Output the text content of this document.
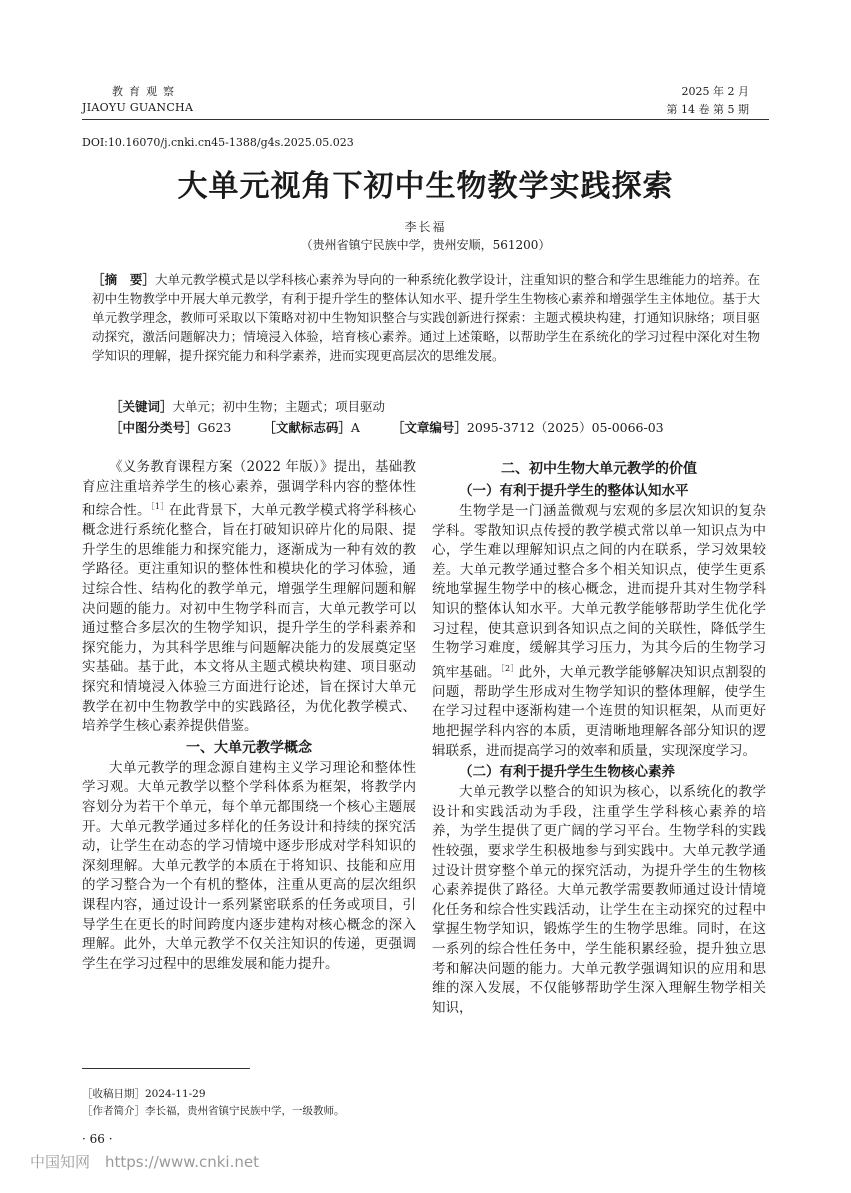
教育观察
JIAOYU GUANCHA
2025 年 2 月
第 14 卷 第 5 期
DOI:10.16070/j.cnki.cn45-1388/g4s.2025.05.023
大单元视角下初中生物教学实践探索
李长福
（贵州省镇宁民族中学，贵州安顺，561200）
［摘　要］大单元教学模式是以学科核心素养为导向的一种系统化教学设计，注重知识的整合和学生思维能力的培养。在初中生物教学中开展大单元教学，有利于提升学生的整体认知水平、提升学生生物核心素养和增强学生主体地位。基于大单元教学理念，教师可采取以下策略对初中生物知识整合与实践创新进行探索：主题式模块构建，打通知识脉络；项目驱动探究，激活问题解决力；情境浸入体验，培育核心素养。通过上述策略，以帮助学生在系统化的学习过程中深化对生物学知识的理解，提升探究能力和科学素养，进而实现更高层次的思维发展。
［关键词］大单元；初中生物；主题式；项目驱动
［中图分类号］G623	［文献标志码］A	［文章编号］2095-3712（2025）05-0066-03

《义务教育课程方案（2022 年版）》提出，基础教育应注重培养学生的核心素养，强调学科内容的整体性和综合性。$^{[1]}$在此背景下，大单元教学模式将学科核心概念进行系统化整合，旨在打破知识碎片化的局限、提升学生的思维能力和探究能力，逐渐成为一种有效的教学路径。更注重知识的整体性和模块化的学习体验，通过综合性、结构化的教学单元，增强学生理解问题和解决问题的能力。对初中生物学科而言，大单元教学可以通过整合多层次的生物学知识，提升学生的学科素养和探究能力，为其科学思维与问题解决能力的发展奠定坚实基础。基于此，本文将从主题式模块构建、项目驱动探究和情境浸入体验三方面进行论述，旨在探讨大单元教学在初中生物教学中的实践路径，为优化教学模式、培养学生核心素养提供借鉴。

一、大单元教学概念

大单元教学的理念源自建构主义学习理论和整体性学习观。大单元教学以整个学科体系为框架，将教学内容划分为若干个单元，每个单元都围绕一个核心主题展开。大单元教学通过多样化的任务设计和持续的探究活动，让学生在动态的学习情境中逐步形成对学科知识的深刻理解。大单元教学的本质在于将知识、技能和应用的学习整合为一个有机的整体，注重从更高的层次组织课程内容，通过设计一系列紧密联系的任务或项目，引导学生在更长的时间跨度内逐步建构对核心概念的深入理解。此外，大单元教学不仅关注知识的传递，更强调学生在学习过程中的思维发展和能力提升。

二、初中生物大单元教学的价值
（一）有利于提升学生的整体认知水平

生物学是一门涵盖微观与宏观的多层次知识的复杂学科。零散知识点传授的教学模式常以单一知识点为中心，学生难以理解知识点之间的内在联系，学习效果较差。大单元教学通过整合多个相关知识点，使学生更系统地掌握生物学中的核心概念，进而提升其对生物学科知识的整体认知水平。大单元教学能够帮助学生优化学习过程，使其意识到各知识点之间的关联性，降低学生生物学习难度，缓解其学习压力，为其今后的生物学习筑牢基础。$^{[2]}$此外，大单元教学能够解决知识点割裂的问题，帮助学生形成对生物学知识的整体理解，使学生在学习过程中逐渐构建一个连贯的知识框架，从而更好地把握学科内容的本质，更清晰地理解各部分知识的逻辑联系，进而提高学习的效率和质量，实现深度学习。

（二）有利于提升学生生物核心素养

大单元教学以整合的知识为核心，以系统化的教学设计和实践活动为手段，注重学生学科核心素养的培养，为学生提供了更广阔的学习平台。生物学科的实践性较强，要求学生积极地参与到实践中。大单元教学通过设计贯穿整个单元的探究活动，为提升学生的生物核心素养提供了路径。大单元教学需要教师通过设计情境化任务和综合性实践活动，让学生在主动探究的过程中掌握生物学知识，锻炼学生的生物学思维。同时，在这一系列的综合性任务中，学生能积累经验，提升独立思考和解决问题的能力。大单元教学强调知识的应用和思维的深入发展，不仅能够帮助学生深入理解生物学相关知识，

［收稿日期］2024-11-29
［作者简介］李长福，贵州省镇宁民族中学，一级教师。
· 66 ·
中国知网　https://www.cnki.net
